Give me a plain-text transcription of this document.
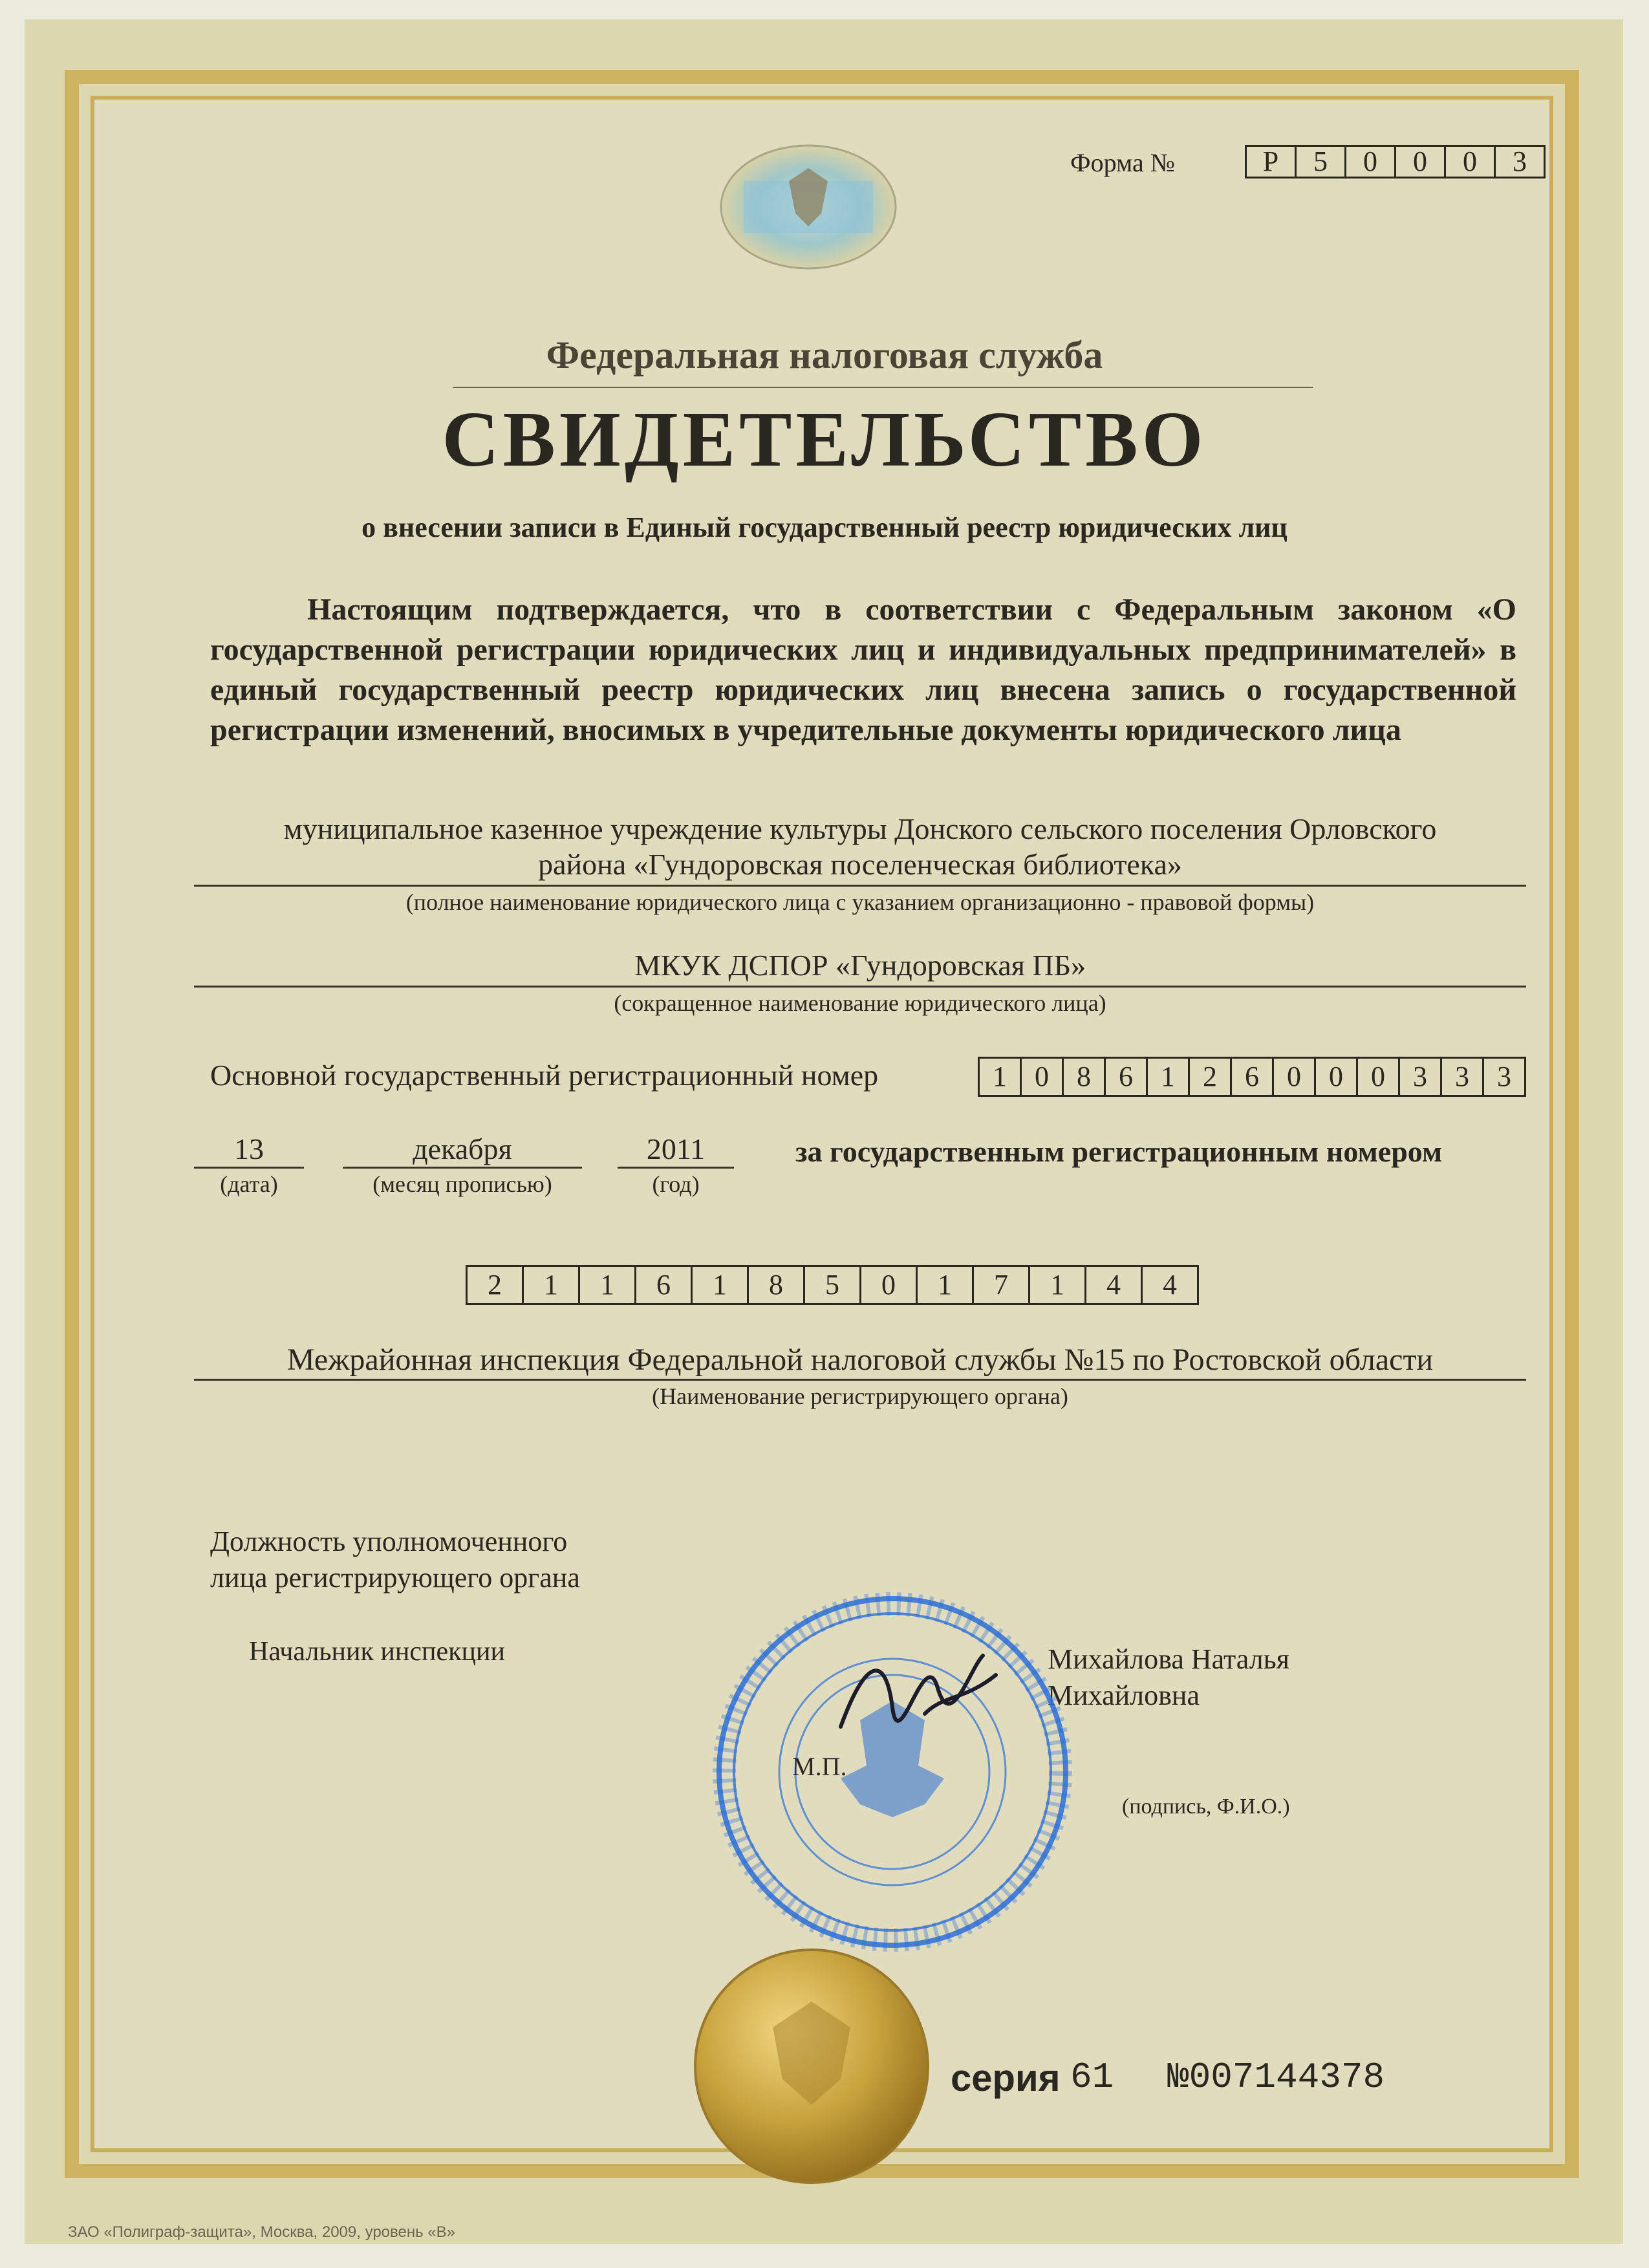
Форма №	Р	5	0	0	0	3
Федеральная налоговая служба
СВИДЕТЕЛЬСТВО
о внесении записи в Единый государственный реестр юридических лиц
Настоящим подтверждается, что в соответствии с Федеральным законом «О государственной регистрации юридических лиц и индивидуальных предпринимателей» в единый государственный реестр юридических лиц внесена запись о государственной регистрации изменений, вносимых в учредительные документы юридического лица
муниципальное казенное учреждение культуры Донского сельского поселения Орловского
района «Гундоровская поселенческая библиотека»
(полное наименование юридического лица с указанием организационно - правовой формы)
МКУК ДСПОР «Гундоровская ПБ»
(сокращенное наименование юридического лица)
Основной государственный регистрационный номер	1 0 8 6 1 2 6 0 0 0 3 3 3
13
(дата)
декабря
(месяц прописью)
2011
(год)
за государственным регистрационным номером
2	1	1	6	1	8	5	0	1	7	1	4	4
Межрайонная инспекция Федеральной налоговой службы №15 по Ростовской области
(Наименование регистрирующего органа)
Должность уполномоченного
лица регистрирующего органа
Начальник инспекции	Михайлова Наталья
Михайловна
(подпись, Ф.И.О.)
М.П.
серия 61 №007144378
ЗАО «Полиграф-защита», Москва, 2009, уровень «В»
